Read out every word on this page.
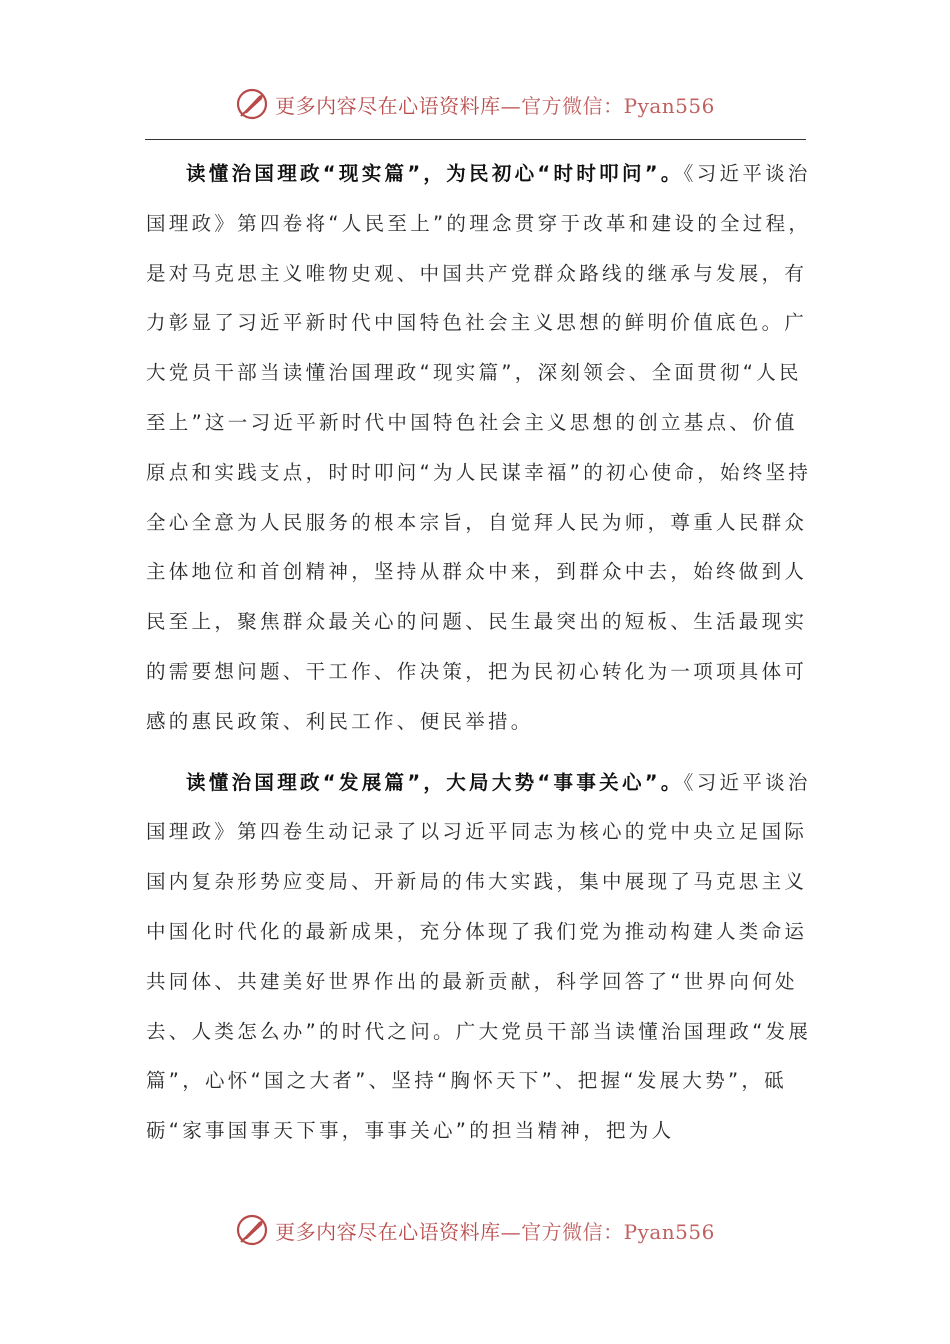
更多内容尽在心语资料库—官方微信：Pyan556

读懂治国理政“现实篇”，为民初心“时时叩问”。《习近平谈治国理政》第四卷将“人民至上”的理念贯穿于改革和建设的全过程，是对马克思主义唯物史观、中国共产党群众路线的继承与发展，有力彰显了习近平新时代中国特色社会主义思想的鲜明价值底色。广大党员干部当读懂治国理政“现实篇”，深刻领会、全面贯彻“人民至上”这一习近平新时代中国特色社会主义思想的创立基点、价值原点和实践支点，时时叩问“为人民谋幸福”的初心使命，始终坚持全心全意为人民服务的根本宗旨，自觉拜人民为师，尊重人民群众主体地位和首创精神，坚持从群众中来，到群众中去，始终做到人民至上，聚焦群众最关心的问题、民生最突出的短板、生活最现实的需要想问题、干工作、作决策，把为民初心转化为一项项具体可感的惠民政策、利民工作、便民举措。

读懂治国理政“发展篇”，大局大势“事事关心”。《习近平谈治国理政》第四卷生动记录了以习近平同志为核心的党中央立足国际国内复杂形势应变局、开新局的伟大实践，集中展现了马克思主义中国化时代化的最新成果，充分体现了我们党为推动构建人类命运共同体、共建美好世界作出的最新贡献，科学回答了“世界向何处去、人类怎么办”的时代之问。广大党员干部当读懂治国理政“发展篇”，心怀“国之大者”、坚持“胸怀天下”、把握“发展大势”，砥砺“家事国事天下事，事事关心”的担当精神，把为人

更多内容尽在心语资料库—官方微信：Pyan556
